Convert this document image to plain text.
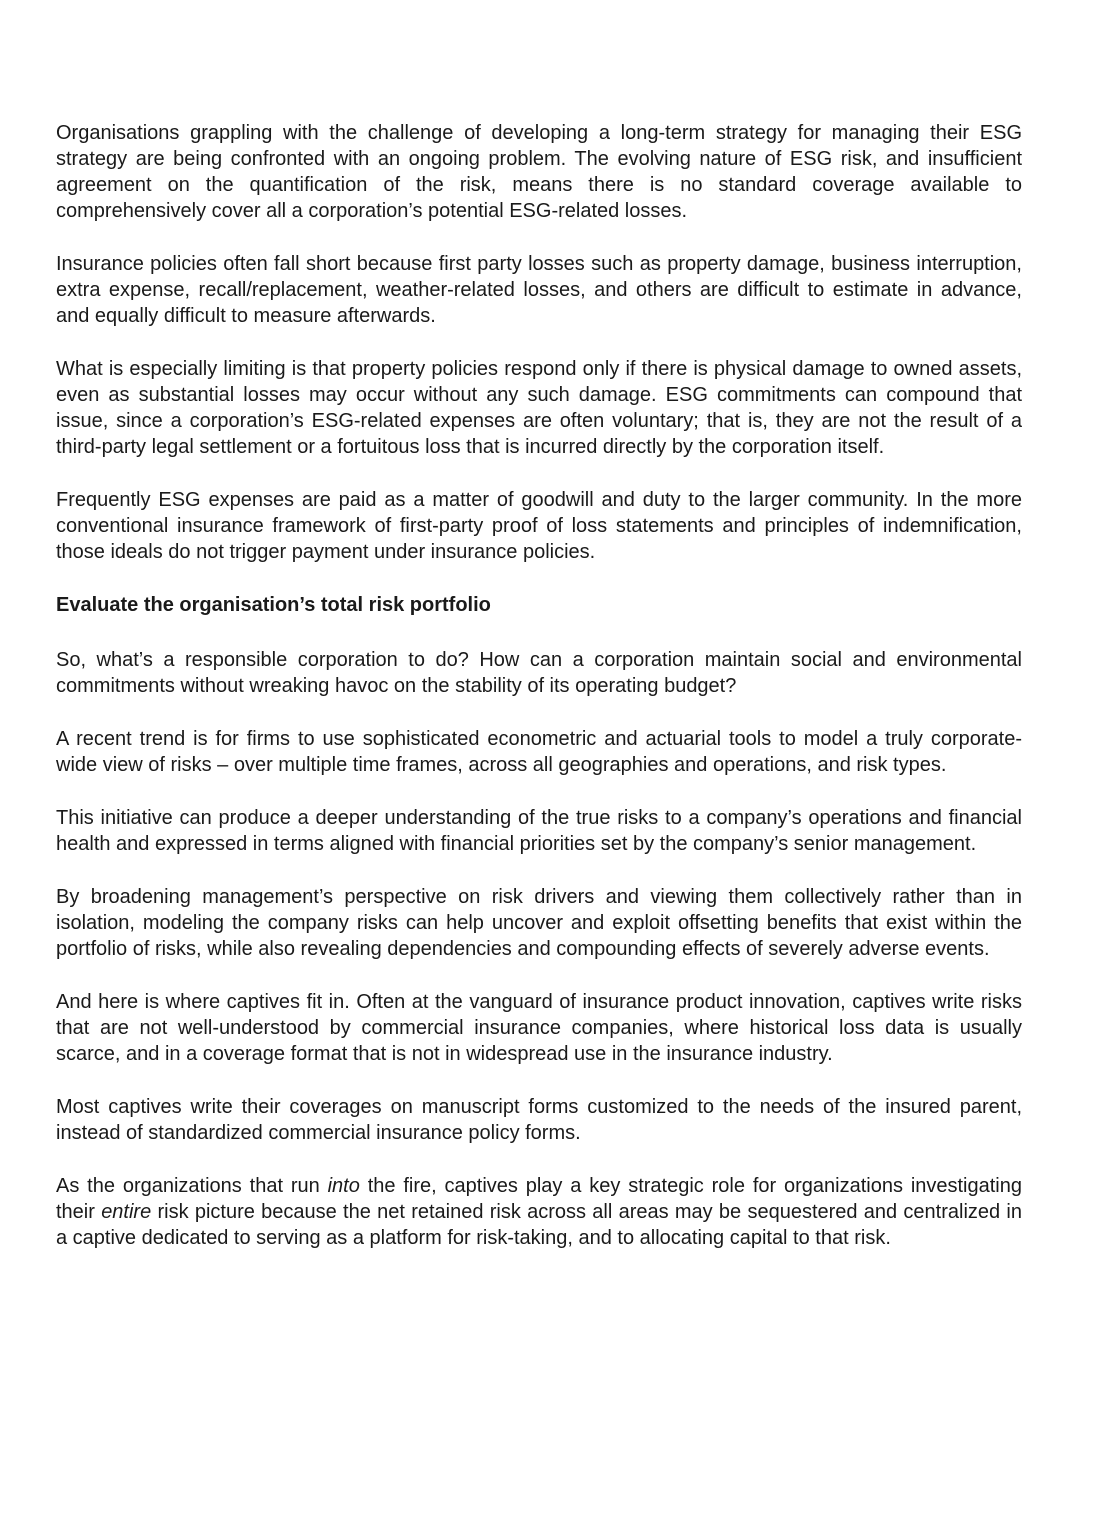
Organisations grappling with the challenge of developing a long-term strategy for managing their ESG strategy are being confronted with an ongoing problem. The evolving nature of ESG risk, and insufficient agreement on the quantification of the risk, means there is no standard coverage available to comprehensively cover all a corporation’s potential ESG-related losses.

Insurance policies often fall short because first party losses such as property damage, business interruption, extra expense, recall/replacement, weather-related losses, and others are difficult to estimate in advance, and equally difficult to measure afterwards.

What is especially limiting is that property policies respond only if there is physical damage to owned assets, even as substantial losses may occur without any such damage. ESG commitments can compound that issue, since a corporation’s ESG-related expenses are often voluntary; that is, they are not the result of a third-party legal settlement or a fortuitous loss that is incurred directly by the corporation itself.

Frequently ESG expenses are paid as a matter of goodwill and duty to the larger community. In the more conventional insurance framework of first-party proof of loss statements and principles of indemnification, those ideals do not trigger payment under insurance policies.

Evaluate the organisation’s total risk portfolio

So, what’s a responsible corporation to do? How can a corporation maintain social and environmental commitments without wreaking havoc on the stability of its operating budget?

A recent trend is for firms to use sophisticated econometric and actuarial tools to model a truly corporate-wide view of risks – over multiple time frames, across all geographies and operations, and risk types.

This initiative can produce a deeper understanding of the true risks to a company’s operations and financial health and expressed in terms aligned with financial priorities set by the company’s senior management.

By broadening management’s perspective on risk drivers and viewing them collectively rather than in isolation, modeling the company risks can help uncover and exploit offsetting benefits that exist within the portfolio of risks, while also revealing dependencies and compounding effects of severely adverse events.

And here is where captives fit in. Often at the vanguard of insurance product innovation, captives write risks that are not well-understood by commercial insurance companies, where historical loss data is usually scarce, and in a coverage format that is not in widespread use in the insurance industry.

Most captives write their coverages on manuscript forms customized to the needs of the insured parent, instead of standardized commercial insurance policy forms.

As the organizations that run into the fire, captives play a key strategic role for organizations investigating their entire risk picture because the net retained risk across all areas may be sequestered and centralized in a captive dedicated to serving as a platform for risk-taking, and to allocating capital to that risk.
